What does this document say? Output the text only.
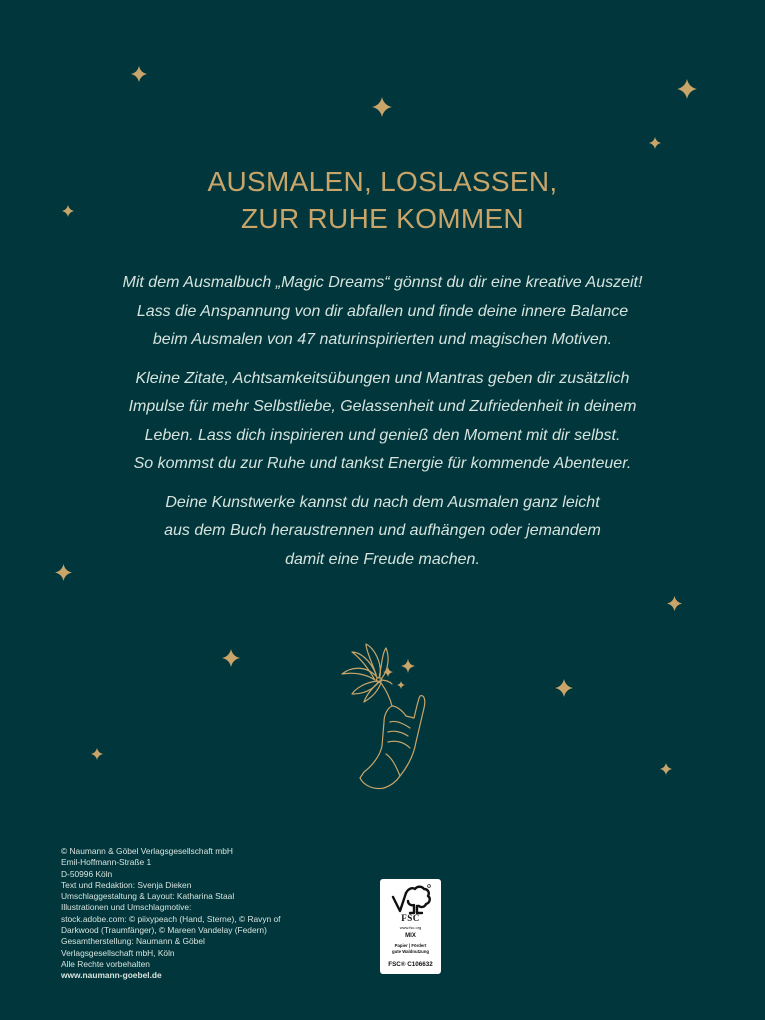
AUSMALEN, LOSLASSEN,
ZUR RUHE KOMMEN

Mit dem Ausmalbuch „Magic Dreams“ gönnst du dir eine kreative Auszeit!
Lass die Anspannung von dir abfallen und finde deine innere Balance
beim Ausmalen von 47 naturinspirierten und magischen Motiven.

Kleine Zitate, Achtsamkeitsübungen und Mantras geben dir zusätzlich
Impulse für mehr Selbstliebe, Gelassenheit und Zufriedenheit in deinem
Leben. Lass dich inspirieren und genieß den Moment mit dir selbst.
So kommst du zur Ruhe und tankst Energie für kommende Abenteuer.

Deine Kunstwerke kannst du nach dem Ausmalen ganz leicht
aus dem Buch heraustrennen und aufhängen oder jemandem
damit eine Freude machen.

© Naumann & Göbel Verlagsgesellschaft mbH
Emil-Hoffmann-Straße 1
D-50996 Köln
Text und Redaktion: Svenja Dieken
Umschlaggestaltung & Layout: Katharina Staal
Illustrationen und Umschlagmotive:
stock.adobe.com: © piixypeach (Hand, Sterne), © Ravyn of
Darkwood (Traumfänger), © Mareen Vandelay (Federn)
Gesamtherstellung: Naumann & Göbel
Verlagsgesellschaft mbH, Köln
Alle Rechte vorbehalten
www.naumann-goebel.de
FSC
www.fsc.org
MIX
Papier | Fördert
gute Waldnutzung
FSC® C106632
